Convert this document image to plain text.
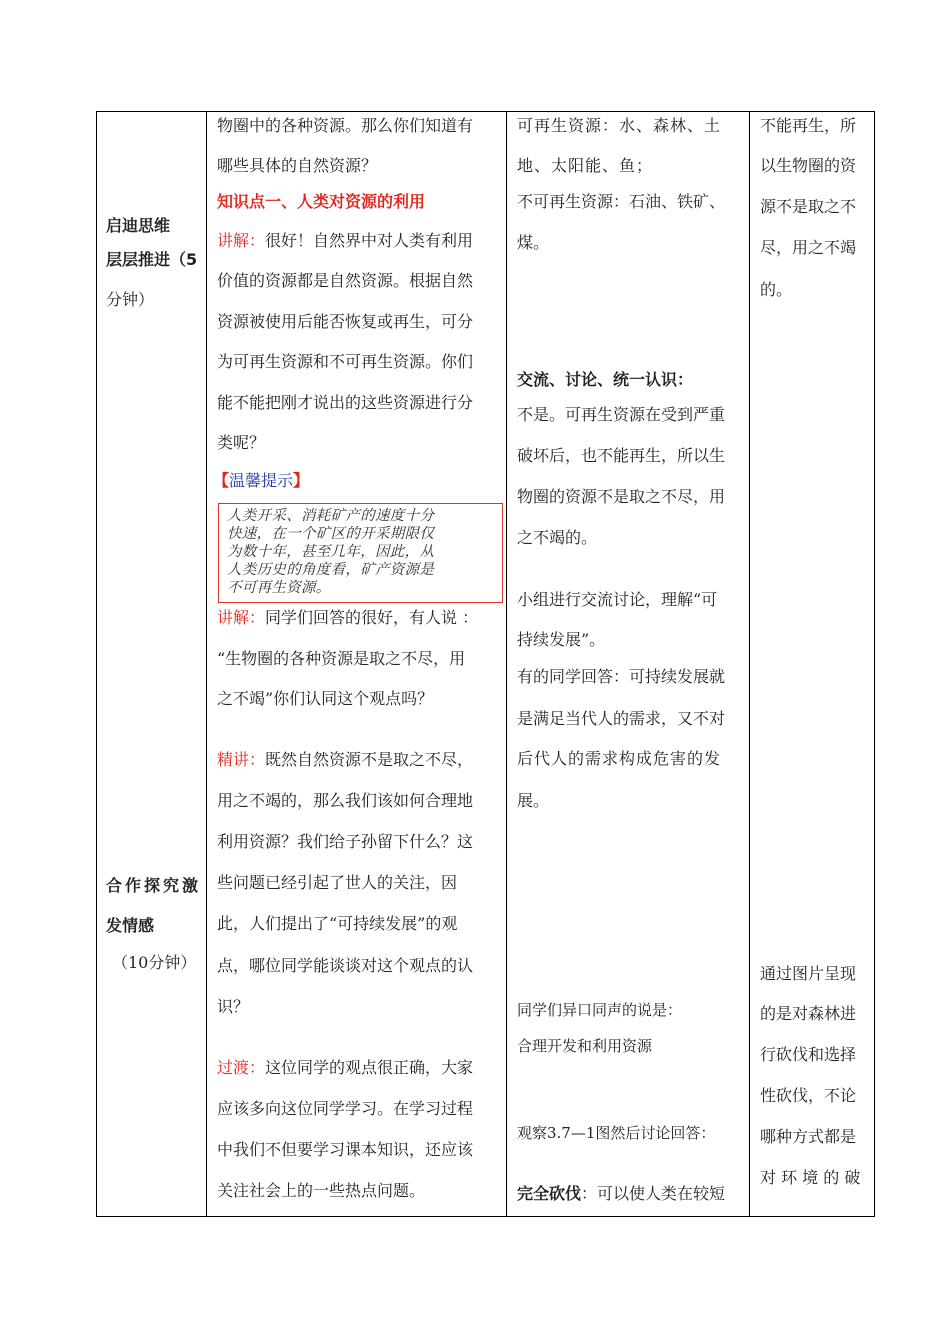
启迪思维
层层推进（5
分钟）
合作探究激
发情感
（10分钟）
物圈中的各种资源。那么你们知道有
哪些具体的自然资源？
知识点一、人类对资源的利用
讲解：很好！自然界中对人类有利用
价值的资源都是自然资源。根据自然
资源被使用后能否恢复或再生，可分
为可再生资源和不可再生资源。你们
能不能把刚才说出的这些资源进行分
类呢？
【温馨提示】
人类开采、消耗矿产的速度十分
快速，在一个矿区的开采期限仅
为数十年，甚至几年，因此，从
人类历史的角度看，矿产资源是
不可再生资源。
讲解：同学们回答的很好，有人说 ：
“生物圈的各种资源是取之不尽，用
之不竭”你们认同这个观点吗？
精讲：既然自然资源不是取之不尽，
用之不竭的，那么我们该如何合理地
利用资源？我们给子孙留下什么？这
些问题已经引起了世人的关注，因
此，人们提出了“可持续发展”的观
点，哪位同学能谈谈对这个观点的认
识？
过渡：这位同学的观点很正确，大家
应该多向这位同学学习。在学习过程
中我们不但要学习课本知识，还应该
关注社会上的一些热点问题。
可再生资源：水、森林、土
地、太阳能、鱼；
不可再生资源：石油、铁矿、
煤。
交流、讨论、统一认识：
不是。可再生资源在受到严重
破坏后，也不能再生，所以生
物圈的资源不是取之不尽，用
之不竭的。
小组进行交流讨论，理解“可
持续发展”。
有的同学回答：可持续发展就
是满足当代人的需求，又不对
后代人的需求构成危害的发
展。
同学们异口同声的说是：
合理开发和利用资源
观察3.7—1图然后讨论回答：
完全砍伐：可以使人类在较短
不能再生，所
以生物圈的资
源不是取之不
尽，用之不竭
的。
通过图片呈现
的是对森林进
行砍伐和选择
性砍伐，不论
哪种方式都是
对 环 境 的 破
